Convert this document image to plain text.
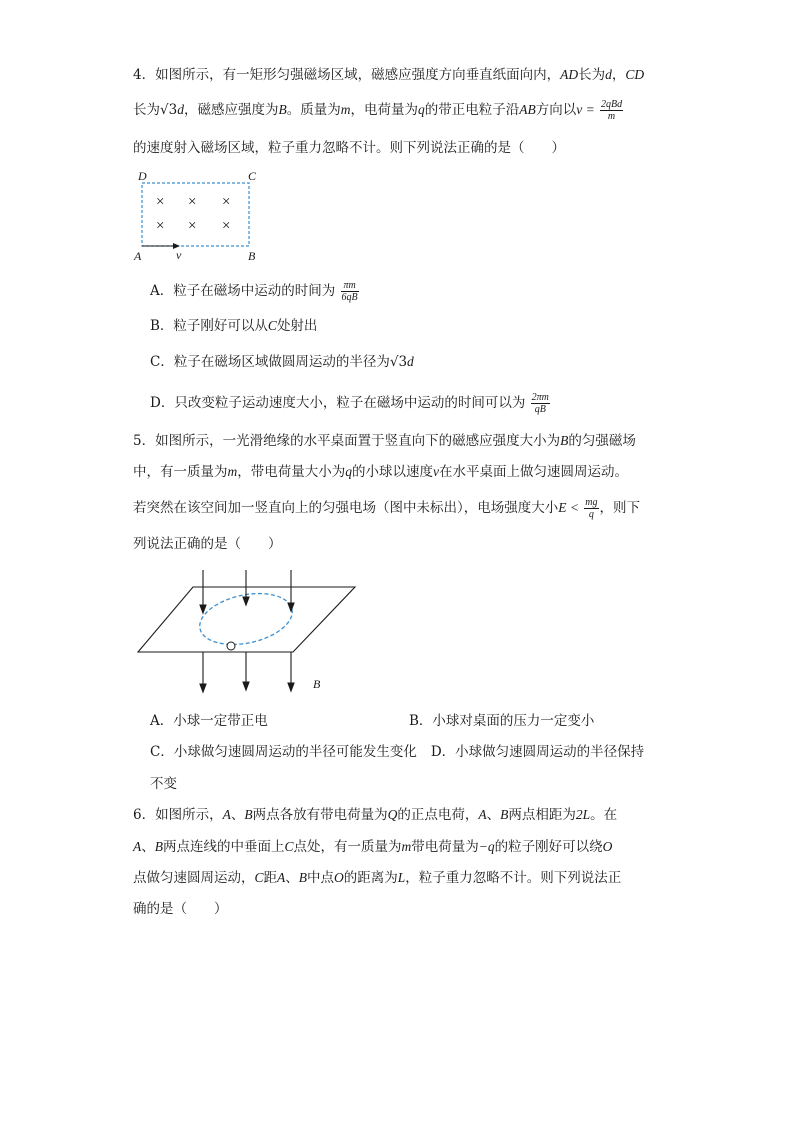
4．如图所示，有一矩形匀强磁场区域，磁感应强度方向垂直纸面向内，AD长为d，CD
长为√3d，磁感应强度为B。质量为m，电荷量为q的带正电粒子沿AB方向以$v = \frac{\text{2qBd}}{m}$
的速度射入磁场区域，粒子重力忽略不计。则下列说法正确的是（　　）
× × ×
× × ×
D	C
A	B
v
A．粒子在磁场中运动的时间为 $\frac{\pi m}{6qB}$
B．粒子刚好可以从C处射出
C．粒子在磁场区域做圆周运动的半径为√3d
D．只改变粒子运动速度大小，粒子在磁场中运动的时间可以为 $\frac{2\pi m}{qB}$
5．如图所示，一光滑绝缘的水平桌面置于竖直向下的磁感应强度大小为B的匀强磁场
中，有一质量为m，带电荷量大小为q的小球以速度v在水平桌面上做匀速圆周运动。
若突然在该空间加一竖直向上的匀强电场（图中未标出），电场强度大小$E < \frac{mg}{q}$ ，则下
列说法正确的是（　　）
B
A．小球一定带正电	B．小球对桌面的压力一定变小
C．小球做匀速圆周运动的半径可能发生变化 D．小球做匀速圆周运动的半径保持
不变
6．如图所示，A、B两点各放有带电荷量为Q的正点电荷，A、B两点相距为2L。在
A、B两点连线的中垂面上C点处，有一质量为m带电荷量为−q的粒子刚好可以绕O
点做匀速圆周运动，C距A、B中点O的距离为L，粒子重力忽略不计。则下列说法正
确的是（　　）
